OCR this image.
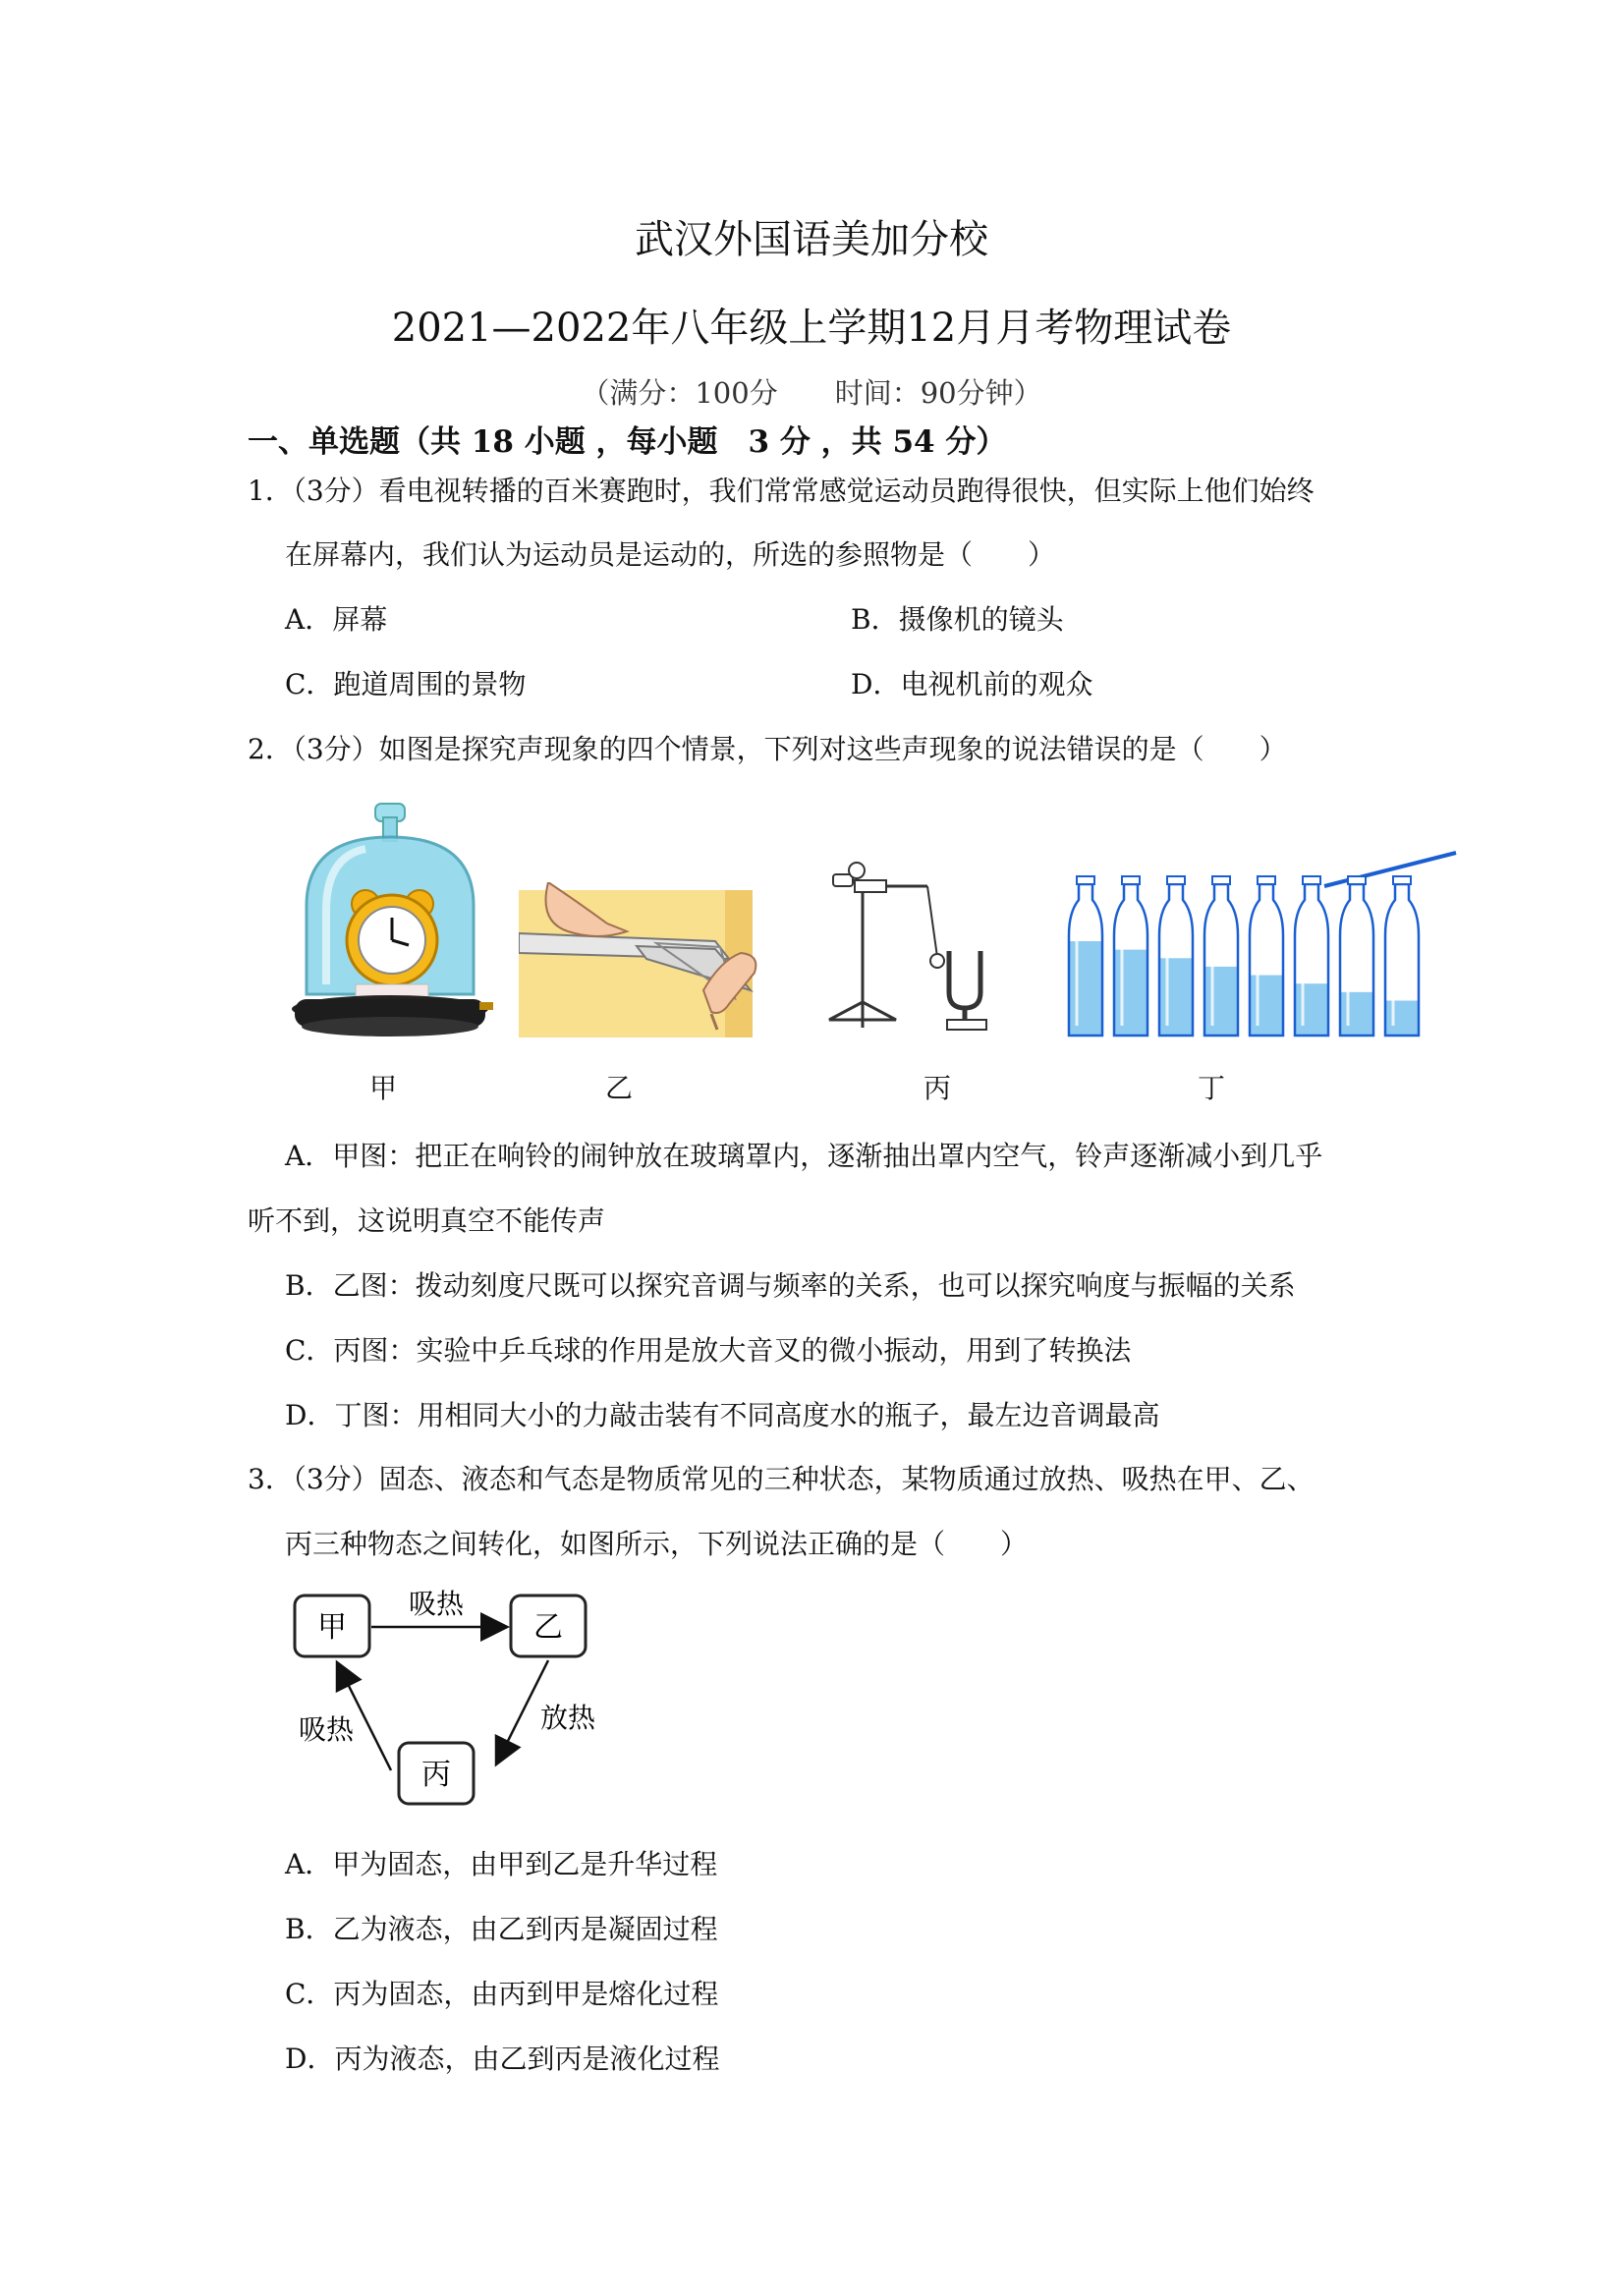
武汉外国语美加分校
2021—2022年八年级上学期12月月考物理试卷
（满分：100分　　时间：90分钟）
一、单选题（共 18 小题 ，每小题　3 分 ，共 54 分）
1．（3分）看电视转播的百米赛跑时，我们常常感觉运动员跑得很快，但实际上他们始终
在屏幕内，我们认为运动员是运动的，所选的参照物是（　　）
A．屏幕	B．摄像机的镜头
C．跑道周围的景物	D．电视机前的观众
2．（3分）如图是探究声现象的四个情景，下列对这些声现象的说法错误的是（　　）
甲	乙	丙	丁
A．甲图：把正在响铃的闹钟放在玻璃罩内，逐渐抽出罩内空气，铃声逐渐减小到几乎
听不到，这说明真空不能传声
B．乙图：拨动刻度尺既可以探究音调与频率的关系，也可以探究响度与振幅的关系
C．丙图：实验中乒乓球的作用是放大音叉的微小振动，用到了转换法
D．丁图：用相同大小的力敲击装有不同高度水的瓶子，最左边音调最高
3．（3分）固态、液态和气态是物质常见的三种状态，某物质通过放热、吸热在甲、乙、
丙三种物态之间转化，如图所示，下列说法正确的是（　　）
甲	乙
丙
吸热
放热
吸热
A．甲为固态，由甲到乙是升华过程
B．乙为液态，由乙到丙是凝固过程
C．丙为固态，由丙到甲是熔化过程
D．丙为液态，由乙到丙是液化过程
